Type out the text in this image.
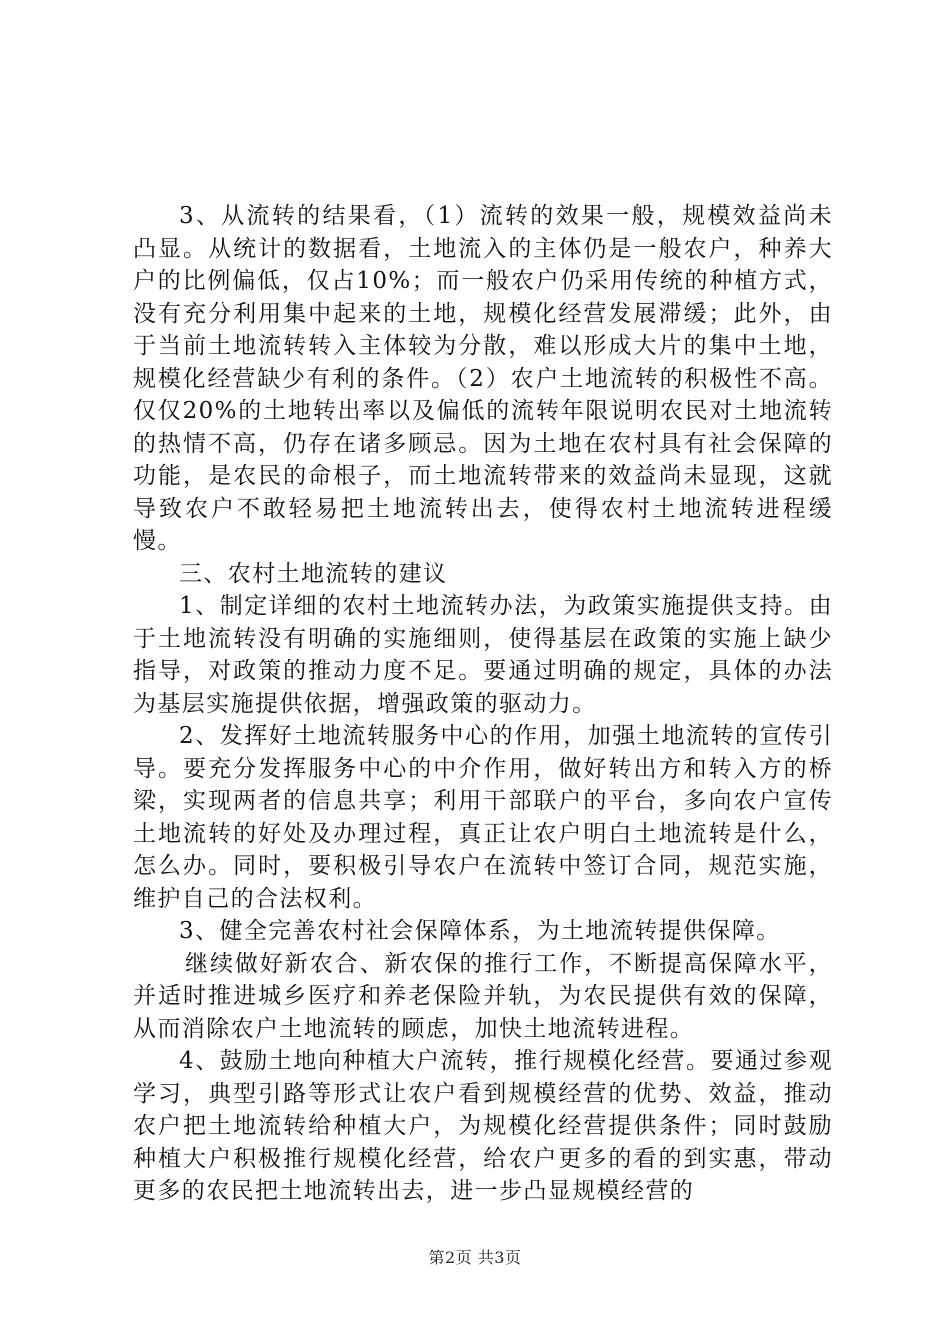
3、从流转的结果看，（1）流转的效果一般，规模效益尚未凸显。从统计的数据看，土地流入的主体仍是一般农户，种养大户的比例偏低，仅占10%；而一般农户仍采用传统的种植方式，没有充分利用集中起来的土地，规模化经营发展滞缓；此外，由于当前土地流转转入主体较为分散，难以形成大片的集中土地，规模化经营缺少有利的条件。（2）农户土地流转的积极性不高。仅仅20%的土地转出率以及偏低的流转年限说明农民对土地流转的热情不高，仍存在诸多顾忌。因为土地在农村具有社会保障的功能，是农民的命根子，而土地流转带来的效益尚未显现，这就导致农户不敢轻易把土地流转出去，使得农村土地流转进程缓慢。

三、农村土地流转的建议

1、制定详细的农村土地流转办法，为政策实施提供支持。由于土地流转没有明确的实施细则，使得基层在政策的实施上缺少指导，对政策的推动力度不足。要通过明确的规定，具体的办法为基层实施提供依据，增强政策的驱动力。

2、发挥好土地流转服务中心的作用，加强土地流转的宣传引导。要充分发挥服务中心的中介作用，做好转出方和转入方的桥梁，实现两者的信息共享；利用干部联户的平台，多向农户宣传土地流转的好处及办理过程，真正让农户明白土地流转是什么，怎么办。同时，要积极引导农户在流转中签订合同，规范实施，维护自己的合法权利。

3、健全完善农村社会保障体系，为土地流转提供保障。

继续做好新农合、新农保的推行工作，不断提高保障水平，并适时推进城乡医疗和养老保险并轨，为农民提供有效的保障，从而消除农户土地流转的顾虑，加快土地流转进程。

4、鼓励土地向种植大户流转，推行规模化经营。要通过参观学习，典型引路等形式让农户看到规模经营的优势、效益，推动农户把土地流转给种植大户，为规模化经营提供条件；同时鼓励种植大户积极推行规模化经营，给农户更多的看的到实惠，带动更多的农民把土地流转出去，进一步凸显规模经营的

第2页 共3页
